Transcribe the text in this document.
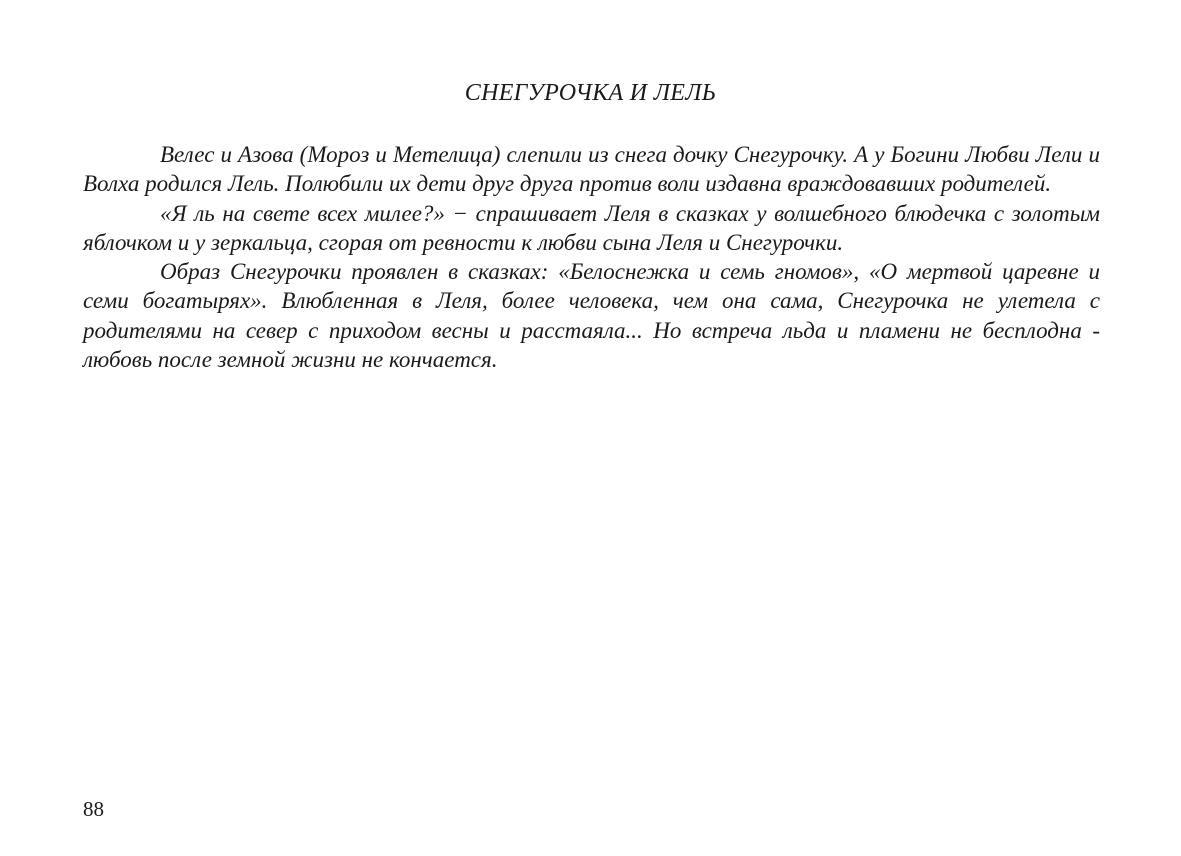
СНЕГУРОЧКА И ЛЕЛЬ

Велес и Азова (Мороз и Метелица) слепили из снега дочку Снегурочку. А у Богини Любви Лели и Волха родился Лель. Полюбили их дети друг друга против воли издавна враждовавших родителей.

«Я ль на свете всех милее?» − спрашивает Леля в сказках у волшебного блюдечка с золотым яблочком и у зеркальца, сгорая от ревности к любви сына Леля и Снегурочки.

Образ Снегурочки проявлен в сказках: «Белоснежка и семь гномов», «О мертвой царевне и семи богатырях». Влюбленная в Леля, более человека, чем она сама, Снегурочка не улетела с родителями на север с приходом весны и расстаяла... Но встреча льда и пламени не бесплодна - любовь после земной жизни не кончается.

88
